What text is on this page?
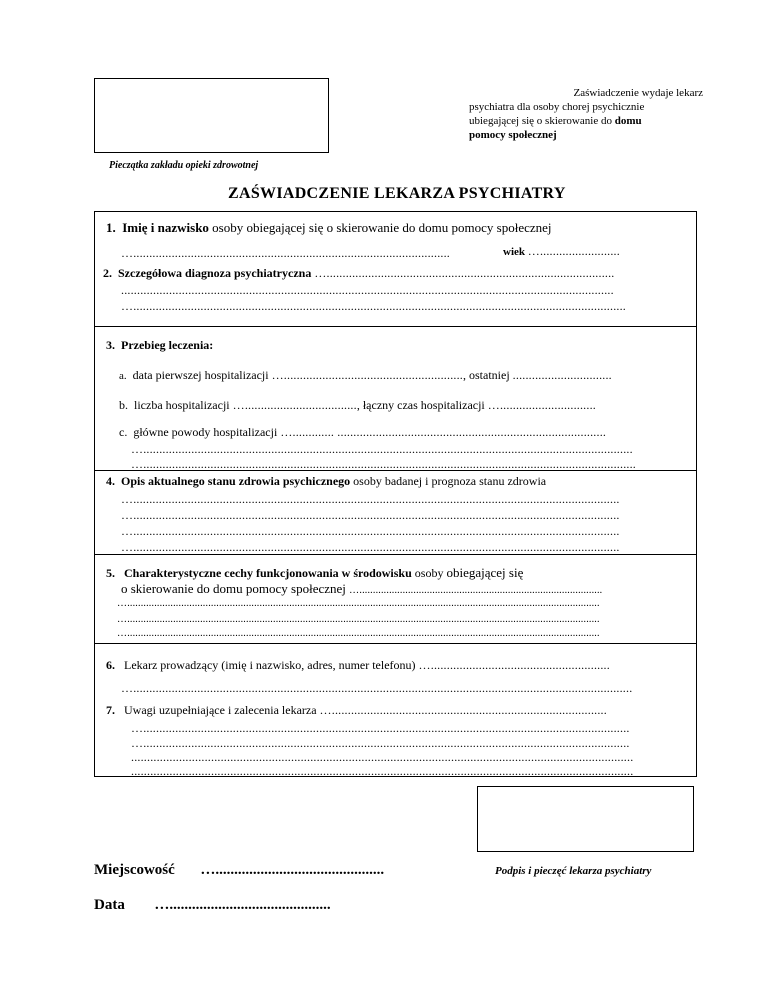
Pieczątka zakładu opieki zdrowotnej
Zaświadczenie wydaje lekarz
psychiatra dla osoby chorej psychicznie
ubiegającej się o skierowanie do domu
pomocy społecznej
ZAŚWIADCZENIE LEKARZA PSYCHIATRY
1. Imię i nazwisko osoby obiegającej się o skierowanie do domu pomocy społecznej
…...................................................................................................	wiek ….........................
2. Szczegółowa diagnoza psychiatryczna …..........................................................................................
..........................................................................................................................................................
…..........................................................................................................................................................
3. Przebieg leczenia:
a. data pierwszej hospitalizacji …........................................................, ostatniej ...............................
b. liczba hospitalizacji …..................................., łączny czas hospitalizacji …..............................
c. główne powody hospitalizacji …............. ....................................................................................
….........................................................................................................................................................
…..........................................................................................................................................................
4. Opis aktualnego stanu zdrowia psychicznego osoby badanej i prognoza stanu zdrowia
…........................................................................................................................................................
…........................................................................................................................................................
…........................................................................................................................................................
…........................................................................................................................................................
5. Charakterystyczne cechy funkcjonowania w środowisku osoby obiegającej się
o skierowanie do domu pomocy społecznej …..........................................................................................
…...............................................................................................................................................................................
…...............................................................................................................................................................................
…...............................................................................................................................................................................
6. Lekarz prowadzący (imię i nazwisko, adres, numer telefonu) …........................................................
…............................................................................................................................................................
7. Uwagi uzupełniające i zalecenia lekarza …......................................................................................
…........................................................................................................................................................
…........................................................................................................................................................
.............................................................................................................................................................
.............................................................................................................................................................
Miejscowość ….............................................	Podpis i pieczęć lekarza psychiatry
Data …...........................................
